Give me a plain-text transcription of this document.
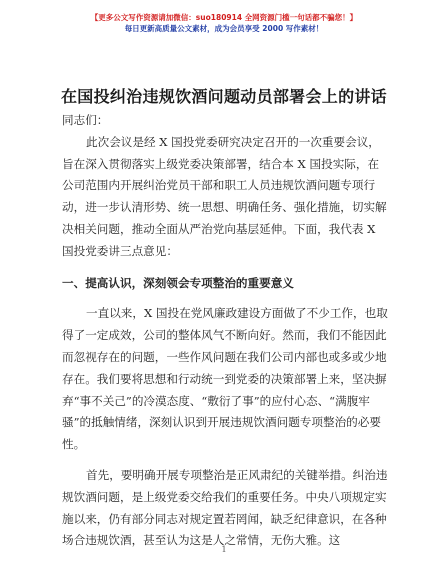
【更多公文写作资源请加微信：suo180914 全网资源门槛一句话都不骗您！】
每日更新高质量公文素材，成为会员享受 2000 写作素材！
在国投纠治违规饮酒问题动员部署会上的讲话

同志们：

此次会议是经 X 国投党委研究决定召开的一次重要会议，旨在深入贯彻落实上级党委决策部署，结合本 X 国投实际，在公司范围内开展纠治党员干部和职工人员违规饮酒问题专项行动，进一步认清形势、统一思想、明确任务、强化措施，切实解决相关问题，推动全面从严治党向基层延伸。下面，我代表 X 国投党委讲三点意见：

一、提高认识，深刻领会专项整治的重要意义

一直以来，X 国投在党风廉政建设方面做了不少工作，也取得了一定成效，公司的整体风气不断向好。然而，我们不能因此而忽视存在的问题，一些作风问题在我们公司内部也或多或少地存在。我们要将思想和行动统一到党委的决策部署上来，坚决摒弃“事不关己”的冷漠态度、“敷衍了事”的应付心态、“满腹牢骚”的抵触情绪，深刻认识到开展违规饮酒问题专项整治的必要性。

首先，要明确开展专项整治是正风肃纪的关键举措。纠治违规饮酒问题，是上级党委交给我们的重要任务。中央八项规定实施以来，仍有部分同志对规定置若罔闻，缺乏纪律意识，在各种场合违规饮酒，甚至认为这是人之常情，无伤大雅。这

1
